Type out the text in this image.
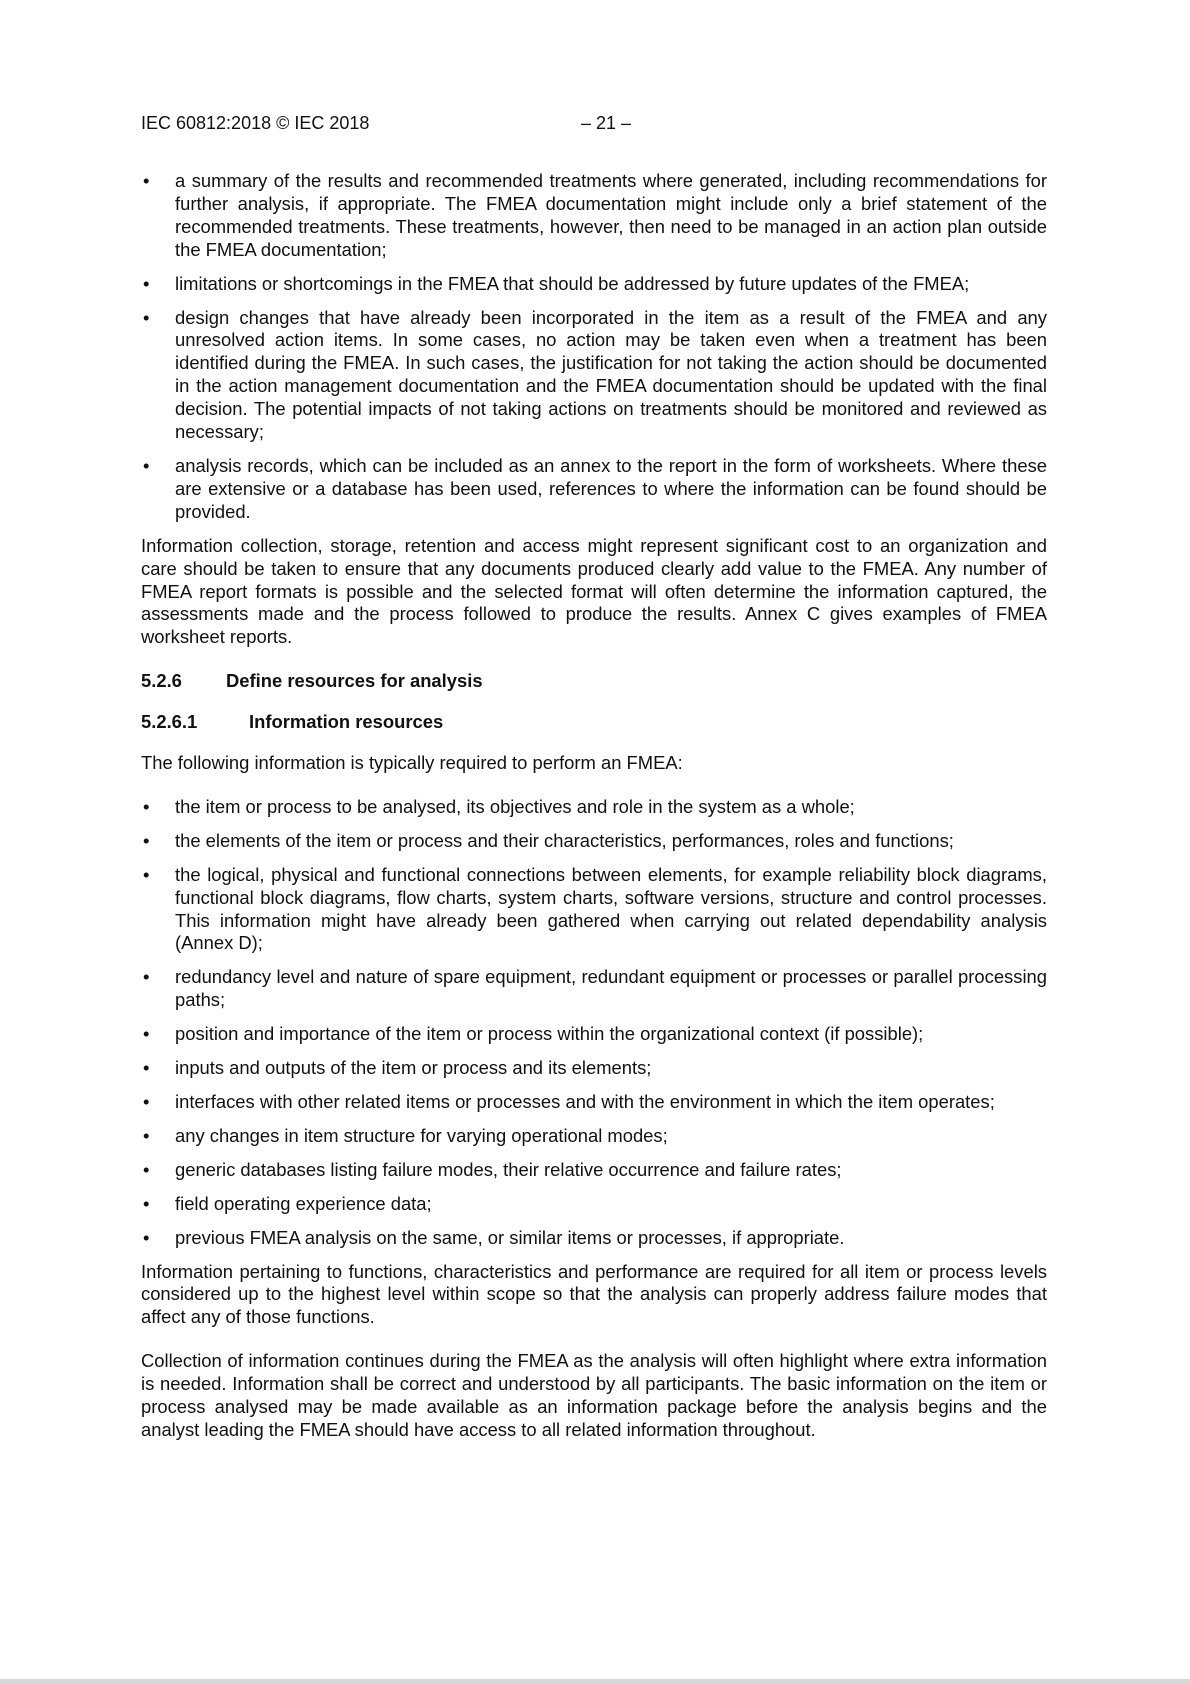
IEC 60812:2018 © IEC 2018	– 21 –
•	a summary of the results and recommended treatments where generated, including recommendations for further analysis, if appropriate. The FMEA documentation might include only a brief statement of the recommended treatments. These treatments, however, then need to be managed in an action plan outside the FMEA documentation;
•	limitations or shortcomings in the FMEA that should be addressed by future updates of the FMEA;
•	design changes that have already been incorporated in the item as a result of the FMEA and any unresolved action items. In some cases, no action may be taken even when a treatment has been identified during the FMEA. In such cases, the justification for not taking the action should be documented in the action management documentation and the FMEA documentation should be updated with the final decision. The potential impacts of not taking actions on treatments should be monitored and reviewed as necessary;
•	analysis records, which can be included as an annex to the report in the form of worksheets. Where these are extensive or a database has been used, references to where the information can be found should be provided.

Information collection, storage, retention and access might represent significant cost to an organization and care should be taken to ensure that any documents produced clearly add value to the FMEA. Any number of FMEA report formats is possible and the selected format will often determine the information captured, the assessments made and the process followed to produce the results. Annex C gives examples of FMEA worksheet reports.

5.2.6 Define resources for analysis
5.2.6.1	Information resources

The following information is typically required to perform an FMEA:

•	the item or process to be analysed, its objectives and role in the system as a whole;
•	the elements of the item or process and their characteristics, performances, roles and functions;
•	the logical, physical and functional connections between elements, for example reliability block diagrams, functional block diagrams, flow charts, system charts, software versions, structure and control processes. This information might have already been gathered when carrying out related dependability analysis (Annex D);
•	redundancy level and nature of spare equipment, redundant equipment or processes or parallel processing paths;
•	position and importance of the item or process within the organizational context (if possible);
•	inputs and outputs of the item or process and its elements;
•	interfaces with other related items or processes and with the environment in which the item operates;
•	any changes in item structure for varying operational modes;
•	generic databases listing failure modes, their relative occurrence and failure rates;
•	field operating experience data;
•	previous FMEA analysis on the same, or similar items or processes, if appropriate.

Information pertaining to functions, characteristics and performance are required for all item or process levels considered up to the highest level within scope so that the analysis can properly address failure modes that affect any of those functions.

Collection of information continues during the FMEA as the analysis will often highlight where extra information is needed. Information shall be correct and understood by all participants. The basic information on the item or process analysed may be made available as an information package before the analysis begins and the analyst leading the FMEA should have access to all related information throughout.
